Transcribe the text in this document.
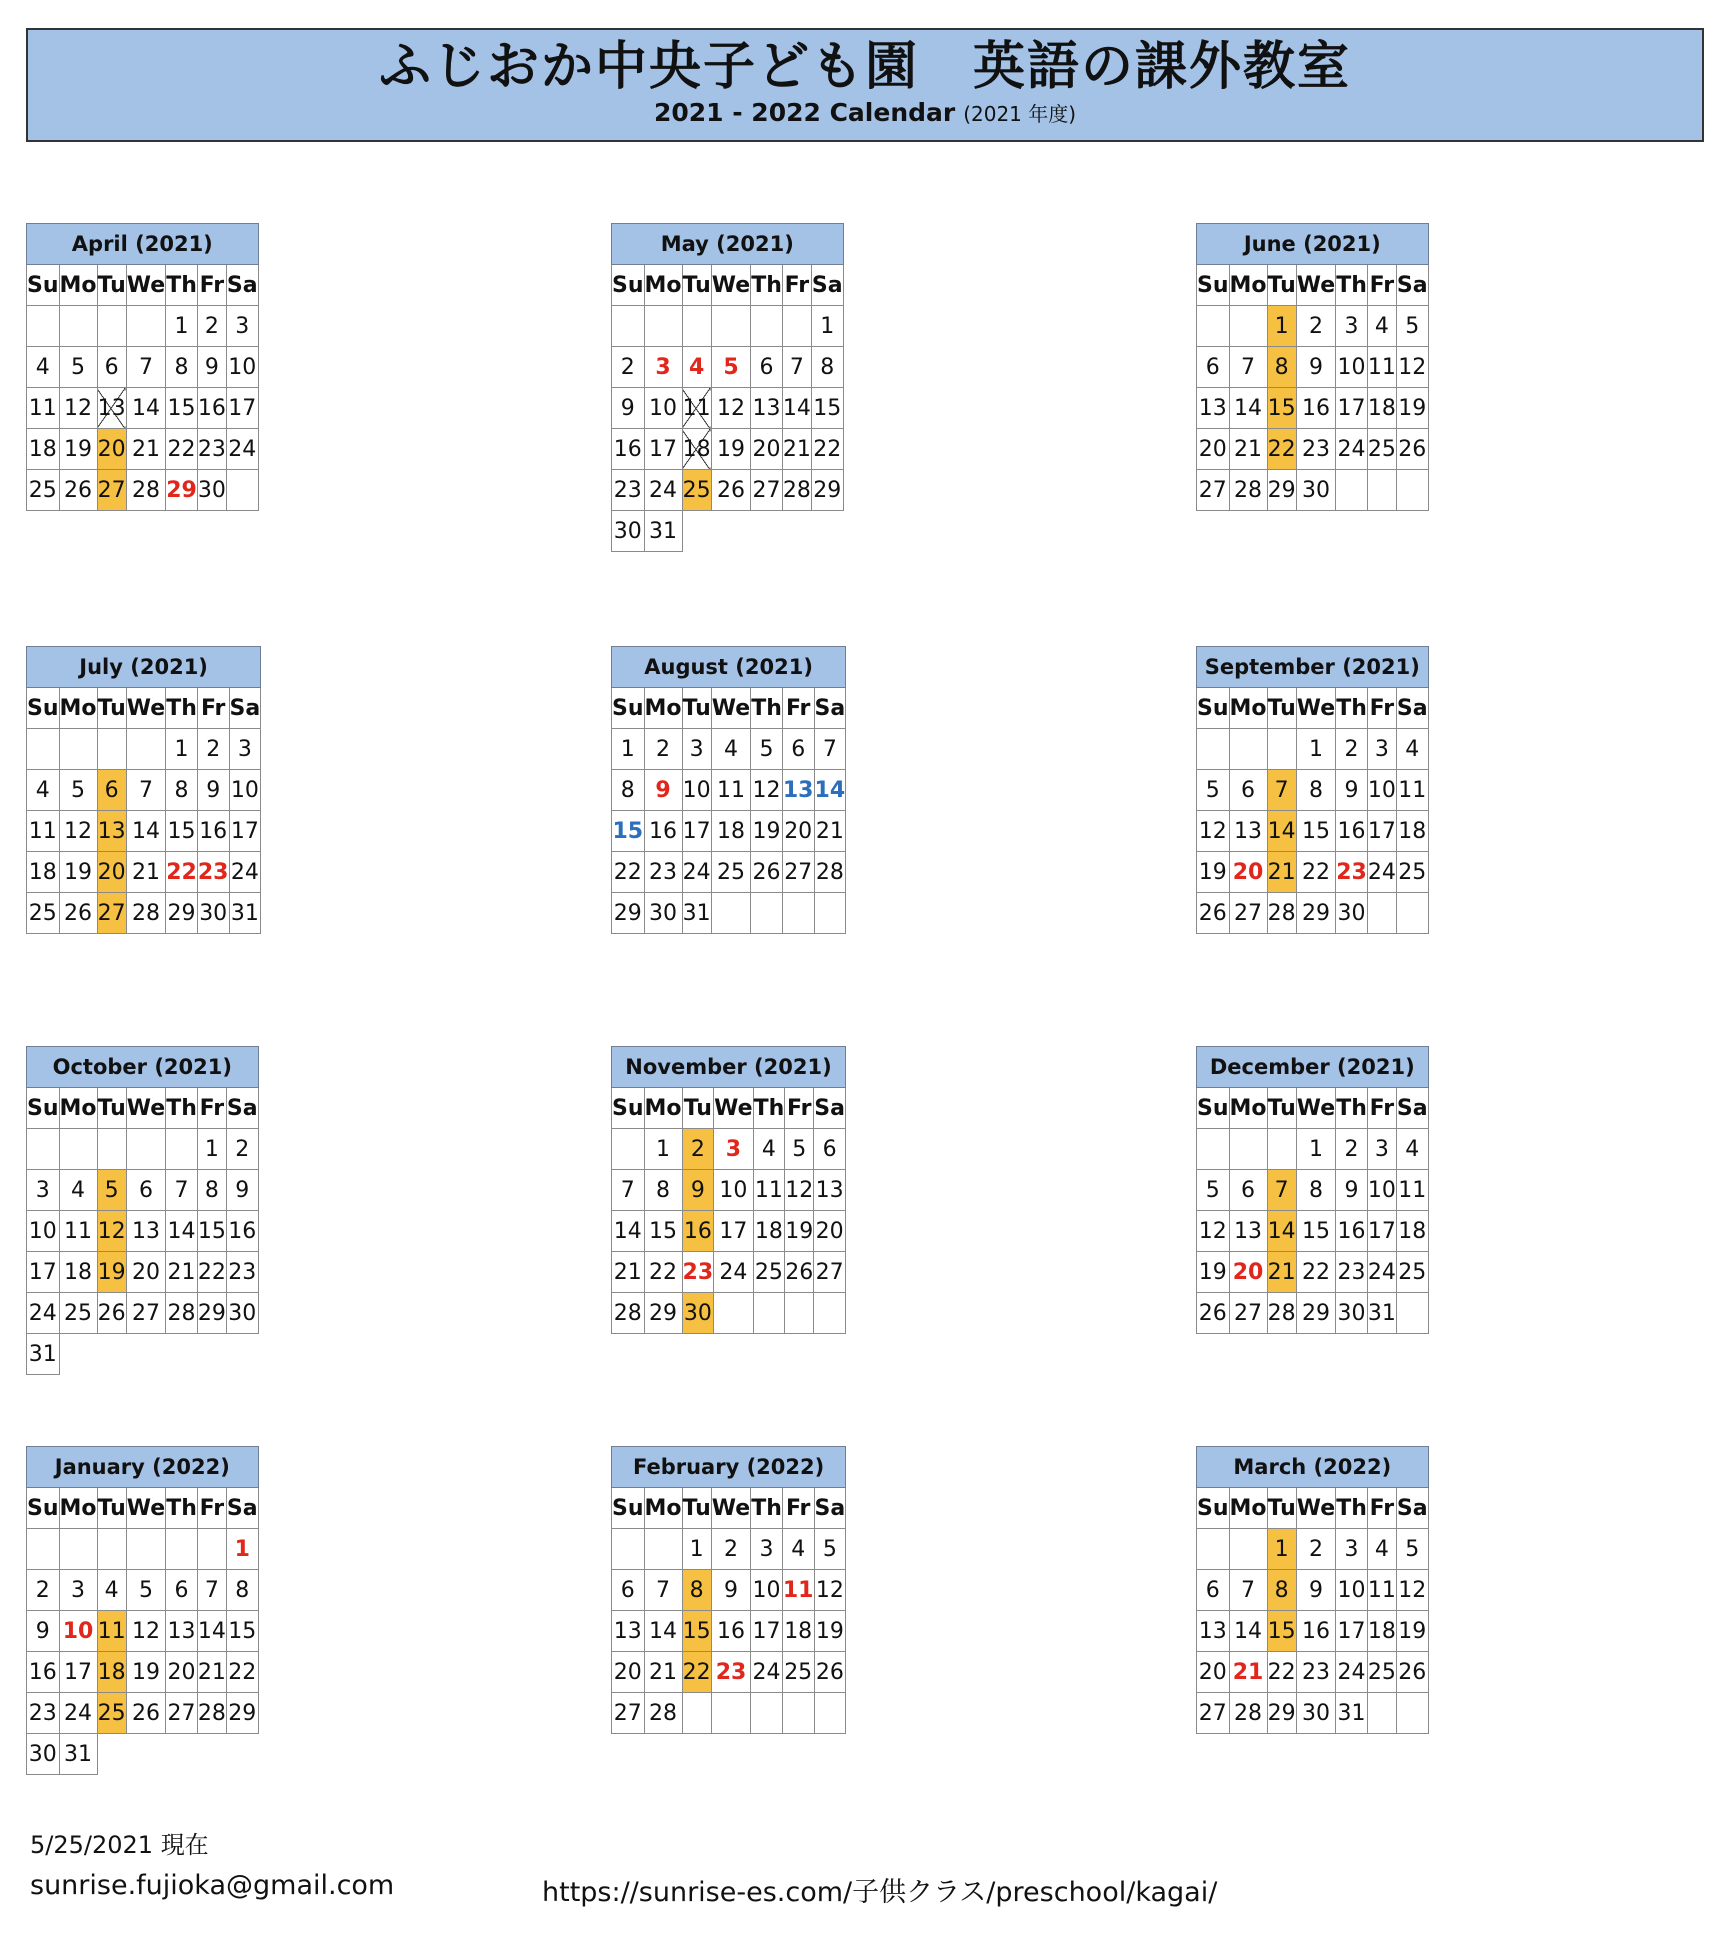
ふじおか中央子ども園　英語の課外教室
2021 - 2022 Calendar (2021 年度)
April (2021)						
Su	Mo	Tu	We	Th	Fr	Sa
				1	2	3
4	5	6	7	8	9	10
11	12	13	14	15	16	17
18	19	20	21	22	23	24
25	26	27	28	29	30	
May (2021)						
Su	Mo	Tu	We	Th	Fr	Sa
						1
2	3	4	5	6	7	8
9	10	11	12	13	14	15
16	17	18	19	20	21	22
23	24	25	26	27	28	29
30	31					
June (2021)						
Su	Mo	Tu	We	Th	Fr	Sa
		1	2	3	4	5
6	7	8	9	10	11	12
13	14	15	16	17	18	19
20	21	22	23	24	25	26
27	28	29	30			
July (2021)						
Su	Mo	Tu	We	Th	Fr	Sa
				1	2	3
4	5	6	7	8	9	10
11	12	13	14	15	16	17
18	19	20	21	22	23	24
25	26	27	28	29	30	31
August (2021)						
Su	Mo	Tu	We	Th	Fr	Sa
1	2	3	4	5	6	7
8	9	10	11	12	13	14
15	16	17	18	19	20	21
22	23	24	25	26	27	28
29	30	31				
September (2021)						
Su	Mo	Tu	We	Th	Fr	Sa
			1	2	3	4
5	6	7	8	9	10	11
12	13	14	15	16	17	18
19	20	21	22	23	24	25
26	27	28	29	30		
October (2021)						
Su	Mo	Tu	We	Th	Fr	Sa
					1	2
3	4	5	6	7	8	9
10	11	12	13	14	15	16
17	18	19	20	21	22	23
24	25	26	27	28	29	30
31						
November (2021)						
Su	Mo	Tu	We	Th	Fr	Sa
	1	2	3	4	5	6
7	8	9	10	11	12	13
14	15	16	17	18	19	20
21	22	23	24	25	26	27
28	29	30				
December (2021)						
Su	Mo	Tu	We	Th	Fr	Sa
			1	2	3	4
5	6	7	8	9	10	11
12	13	14	15	16	17	18
19	20	21	22	23	24	25
26	27	28	29	30	31	
January (2022)						
Su	Mo	Tu	We	Th	Fr	Sa
						1
2	3	4	5	6	7	8
9	10	11	12	13	14	15
16	17	18	19	20	21	22
23	24	25	26	27	28	29
30	31					
February (2022)						
Su	Mo	Tu	We	Th	Fr	Sa
		1	2	3	4	5
6	7	8	9	10	11	12
13	14	15	16	17	18	19
20	21	22	23	24	25	26
27	28					
March (2022)						
Su	Mo	Tu	We	Th	Fr	Sa
		1	2	3	4	5
6	7	8	9	10	11	12
13	14	15	16	17	18	19
20	21	22	23	24	25	26
27	28	29	30	31		
5/25/2021 現在
sunrise.fujioka@gmail.com	https://sunrise-es.com/子供クラス/preschool/kagai/
